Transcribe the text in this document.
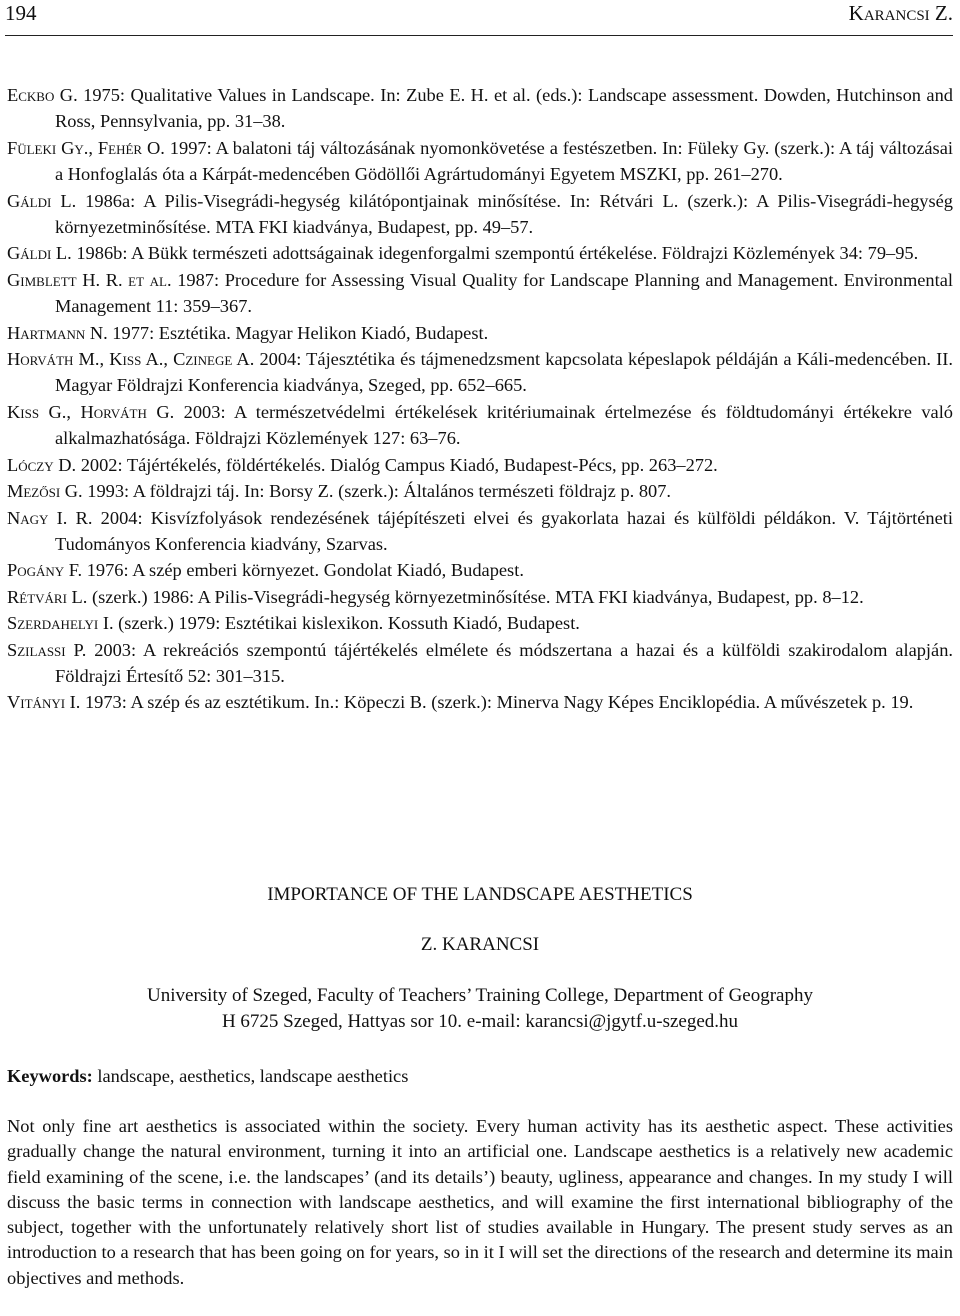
194	Karancsi Z.

Eckbo G. 1975: Qualitative Values in Landscape. In: Zube E. H. et al. (eds.): Landscape assessment. Dowden, Hutchinson and Ross, Pennsylvania, pp. 31–38.

Füleki Gy., Fehér O. 1997: A balatoni táj változásának nyomonkövetése a festészetben. In: Füleky Gy. (szerk.): A táj változásai a Honfoglalás óta a Kárpát-medencében Gödöllői Agrártudományi Egyetem MSZKI, pp. 261–270.

Gáldi L. 1986a: A Pilis-Visegrádi-hegység kilátópontjainak minősítése. In: Rétvári L. (szerk.): A Pilis-Visegrádi-hegység környezetminősítése. MTA FKI kiadványa, Budapest, pp. 49–57.

Gáldi L. 1986b: A Bükk természeti adottságainak idegenforgalmi szempontú értékelése. Földrajzi Közlemények 34: 79–95.

Gimblett H. R. et al. 1987: Procedure for Assessing Visual Quality for Landscape Planning and Management. Environmental Management 11: 359–367.

Hartmann N. 1977: Esztétika. Magyar Helikon Kiadó, Budapest.

Horváth M., Kiss A., Czinege A. 2004: Tájesztétika és tájmenedzsment kapcsolata képeslapok példáján a Káli-medencében. II. Magyar Földrajzi Konferencia kiadványa, Szeged, pp. 652–665.

Kiss G., Horváth G. 2003: A természetvédelmi értékelések kritériumainak értelmezése és földtudományi értékekre való alkalmazhatósága. Földrajzi Közlemények 127: 63–76.

Lóczy D. 2002: Tájértékelés, földértékelés. Dialóg Campus Kiadó, Budapest-Pécs, pp. 263–272.

Mezősi G. 1993: A földrajzi táj. In: Borsy Z. (szerk.): Általános természeti földrajz p. 807.

Nagy I. R. 2004: Kisvízfolyások rendezésének tájépítészeti elvei és gyakorlata hazai és külföldi példákon. V. Tájtörténeti Tudományos Konferencia kiadvány, Szarvas.

Pogány F. 1976: A szép emberi környezet. Gondolat Kiadó, Budapest.

Rétvári L. (szerk.) 1986: A Pilis-Visegrádi-hegység környezetminősítése. MTA FKI kiadványa, Budapest, pp. 8–12.

Szerdahelyi I. (szerk.) 1979: Esztétikai kislexikon. Kossuth Kiadó, Budapest.

Szilassi P. 2003: A rekreációs szempontú tájértékelés elmélete és módszertana a hazai és a külföldi szakirodalom alapján. Földrajzi Értesítő 52: 301–315.

Vitányi I. 1973: A szép és az esztétikum. In.: Köpeczi B. (szerk.): Minerva Nagy Képes Enciklopédia. A művészetek p. 19.

IMPORTANCE OF THE LANDSCAPE AESTHETICS

Z. KARANCSI

University of Szeged, Faculty of Teachers’ Training College, Department of Geography

H 6725 Szeged, Hattyas sor 10. e-mail: karancsi@jgytf.u-szeged.hu

Keywords: landscape, aesthetics, landscape aesthetics

Not only fine art aesthetics is associated within the society. Every human activity has its aesthetic aspect. These activities gradually change the natural environment, turning it into an artificial one. Landscape aesthetics is a relatively new academic field examining of the scene, i.e. the landscapes’ (and its details’) beauty, ugliness, appearance and changes. In my study I will discuss the basic terms in connection with landscape aesthetics, and will examine the first international bibliography of the subject, together with the unfortunately relatively short list of studies available in Hungary. The present study serves as an introduction to a research that has been going on for years, so in it I will set the directions of the research and determine its main objectives and methods.
